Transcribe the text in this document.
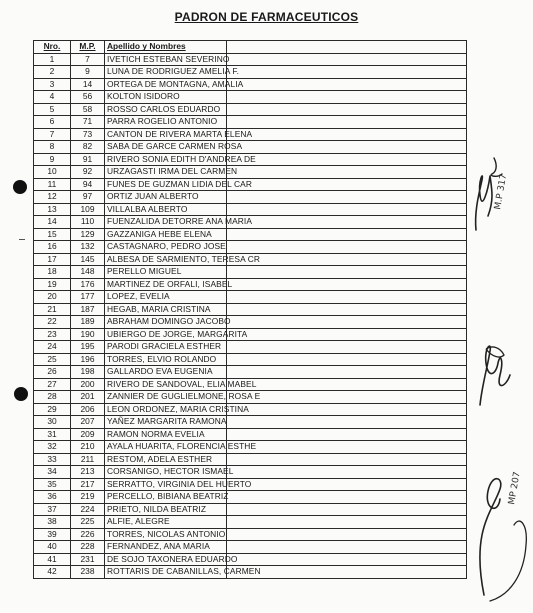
PADRON DE FARMACEUTICOS
Nro.	M.P.	Apellido y Nombres	
1	7	IVETICH ESTEBAN SEVERINO	
2	9	LUNA DE RODRIGUEZ AMELIA F.	
3	14	ORTEGA DE MONTAGNA, AMALIA	
4	56	KOLTON ISIDORO	
5	58	ROSSO CARLOS EDUARDO	
6	71	PARRA ROGELIO ANTONIO	
7	73	CANTON DE RIVERA MARTA ELENA	
8	82	SABA DE GARCE CARMEN ROSA	
9	91	RIVERO SONIA EDITH D'ANDREA DE	
10	92	URZAGASTI IRMA DEL CARMEN	
11	94	FUNES DE GUZMAN LIDIA DEL CAR	
12	97	ORTIZ JUAN ALBERTO	
13	109	VILLALBA ALBERTO	
14	110	FUENZALIDA DETORRE ANA MARIA	
15	129	GAZZANIGA HEBE ELENA	
16	132	CASTAGNARO, PEDRO JOSE	
17	145	ALBESA DE SARMIENTO, TERESA CR	
18	148	PERELLO MIGUEL	
19	176	MARTINEZ DE ORFALI, ISABEL	
20	177	LOPEZ, EVELIA	
21	187	HEGAB, MARIA CRISTINA	
22	189	ABRAHAM DOMINGO JACOBO	
23	190	UBIERGO DE JORGE, MARGARITA	
24	195	PARODI GRACIELA ESTHER	
25	196	TORRES, ELVIO ROLANDO	
26	198	GALLARDO EVA EUGENIA	
27	200	RIVERO DE SANDOVAL, ELIA MABEL	
28	201	ZANNIER DE GUGLIELMONE, ROSA E	
29	206	LEON ORDONEZ, MARIA CRISTINA	
30	207	YAÑEZ MARGARITA RAMONA	
31	209	RAMON NORMA EVELIA	
32	210	AYALA HUARITA, FLORENCIA ESTHE	
33	211	RESTOM, ADELA ESTHER	
34	213	CORSANIGO, HECTOR ISMAEL	
35	217	SERRATTO, VIRGINIA DEL HUERTO	
36	219	PERCELLO, BIBIANA BEATRIZ	
37	224	PRIETO, NILDA BEATRIZ	
38	225	ALFIE, ALEGRE	
39	226	TORRES, NICOLAS ANTONIO	
40	228	FERNANDEZ, ANA MARIA	
41	231	DE SOJO TAXONERA EDUARDO	
42	238	ROTTARIS DE CABANILLAS, CARMEN	
M.P 317
MP 207
